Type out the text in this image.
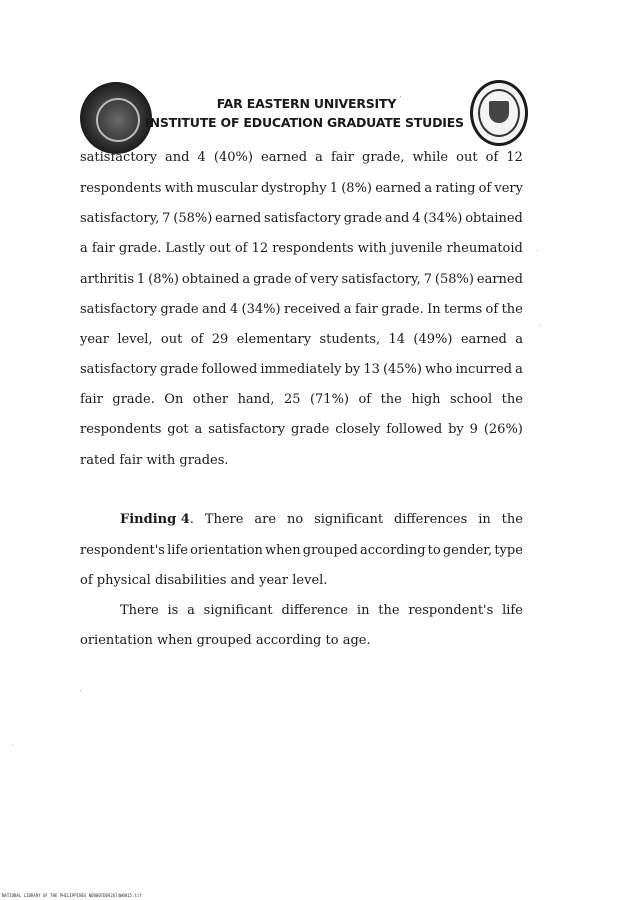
FAR EASTERN UNIVERSITY
INSTITUTE OF EDUCATION GRADUATE STUDIES
satisfactory and 4 (40%) earned a fair grade, while out of 12
respondents with muscular dystrophy 1 (8%) earned a rating of very
satisfactory, 7 (58%) earned satisfactory grade and 4 (34%) obtained
a fair grade. Lastly out of 12 respondents with juvenile rheumatoid
arthritis 1 (8%) obtained a grade of very satisfactory, 7 (58%) earned
satisfactory grade and 4 (34%) received a fair grade. In terms of the
year level, out of 29 elementary students, 14 (49%) earned a
satisfactory grade followed immediately by 13 (45%) who incurred a
fair grade. On other hand, 25 (71%) of the high school the
respondents got a satisfactory grade closely followed by 9 (26%)
rated fair with grades.
Finding 4 . There are no significant differences in the
respondent's life orientation when grouped according to gender, type
of physical disabilities and year level.
There is a significant difference in the respondent's life
orientation when grouped according to age.
NATIONAL LIBRARY OF THE PHILIPPINES ND000TD0926T4W0815.tif
